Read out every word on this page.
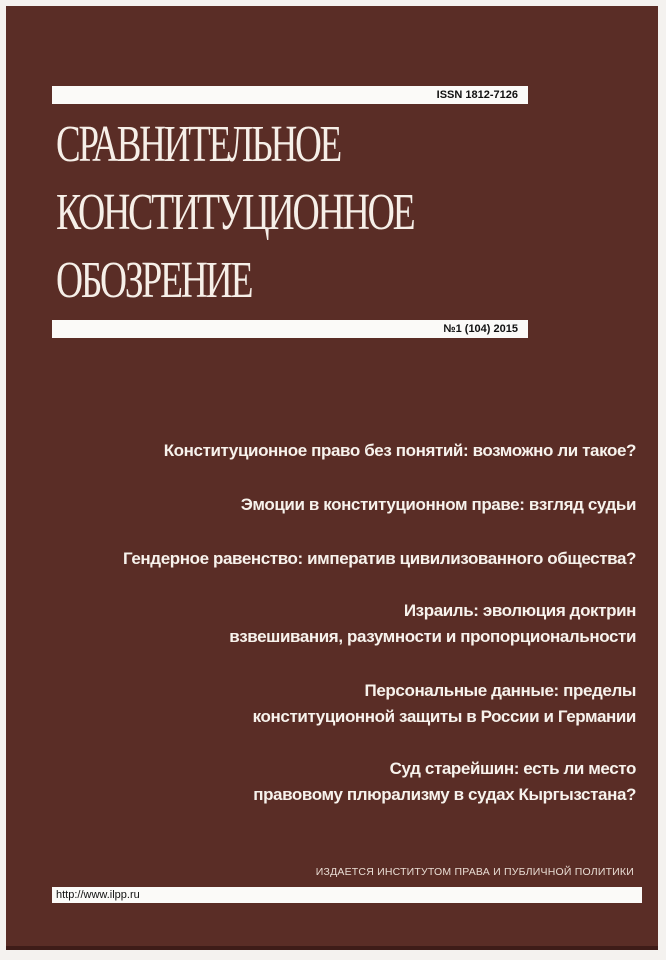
ISSN 1812-7126
СРАВНИТЕЛЬНОЕ
КОНСТИТУЦИОННОЕ
ОБОЗРЕНИЕ
№1 (104) 2015
Конституционное право без понятий: возможно ли такое?
Эмоции в конституционном праве: взгляд судьи
Гендерное равенство: императив цивилизованного общества?
Израиль: эволюция доктрин
взвешивания, разумности и пропорциональности
Персональные данные: пределы
конституционной защиты в России и Германии
Суд старейшин: есть ли место
правовому плюрализму в судах Кыргызстана?
ИЗДАЕТСЯ ИНСТИТУТОМ ПРАВА И ПУБЛИЧНОЙ ПОЛИТИКИ
http://www.ilpp.ru
